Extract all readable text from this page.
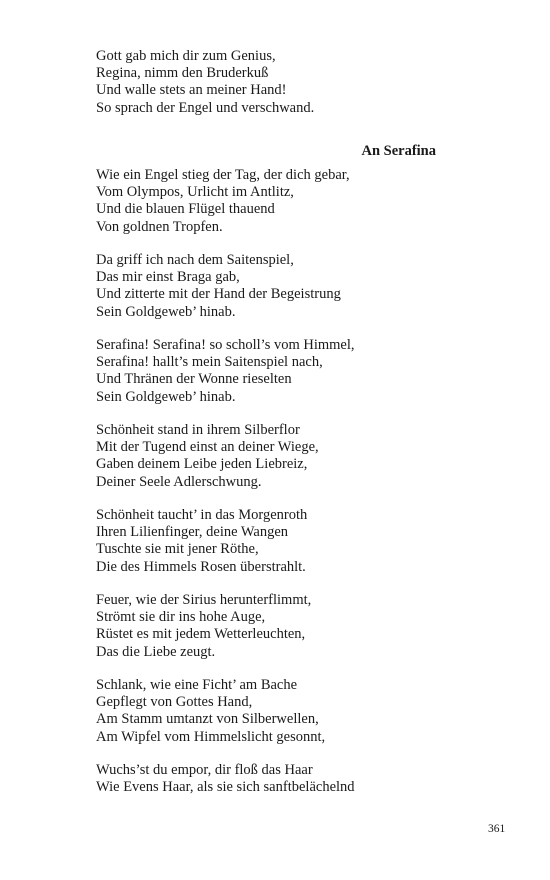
Gott gab mich dir zum Genius,
Regina, nimm den Bruderkuß
Und walle stets an meiner Hand!
So sprach der Engel und verschwand.
An Serafina
Wie ein Engel stieg der Tag, der dich gebar,
Vom Olympos, Urlicht im Antlitz,
Und die blauen Flügel thauend
Von goldnen Tropfen.
Da griff ich nach dem Saitenspiel,
Das mir einst Braga gab,
Und zitterte mit der Hand der Begeistrung
Sein Goldgeweb’ hinab.
Serafina! Serafina! so scholl’s vom Himmel,
Serafina! hallt’s mein Saitenspiel nach,
Und Thränen der Wonne rieselten
Sein Goldgeweb’ hinab.
Schönheit stand in ihrem Silberflor
Mit der Tugend einst an deiner Wiege,
Gaben deinem Leibe jeden Liebreiz,
Deiner Seele Adlerschwung.
Schönheit taucht’ in das Morgenroth
Ihren Lilienfinger, deine Wangen
Tuschte sie mit jener Röthe,
Die des Himmels Rosen überstrahlt.
Feuer, wie der Sirius herunterflimmt,
Strömt sie dir ins hohe Auge,
Rüstet es mit jedem Wetterleuchten,
Das die Liebe zeugt.
Schlank, wie eine Ficht’ am Bache
Gepflegt von Gottes Hand,
Am Stamm umtanzt von Silberwellen,
Am Wipfel vom Himmelslicht gesonnt,
Wuchs’st du empor, dir floß das Haar
Wie Evens Haar, als sie sich sanftbelächelnd
361
